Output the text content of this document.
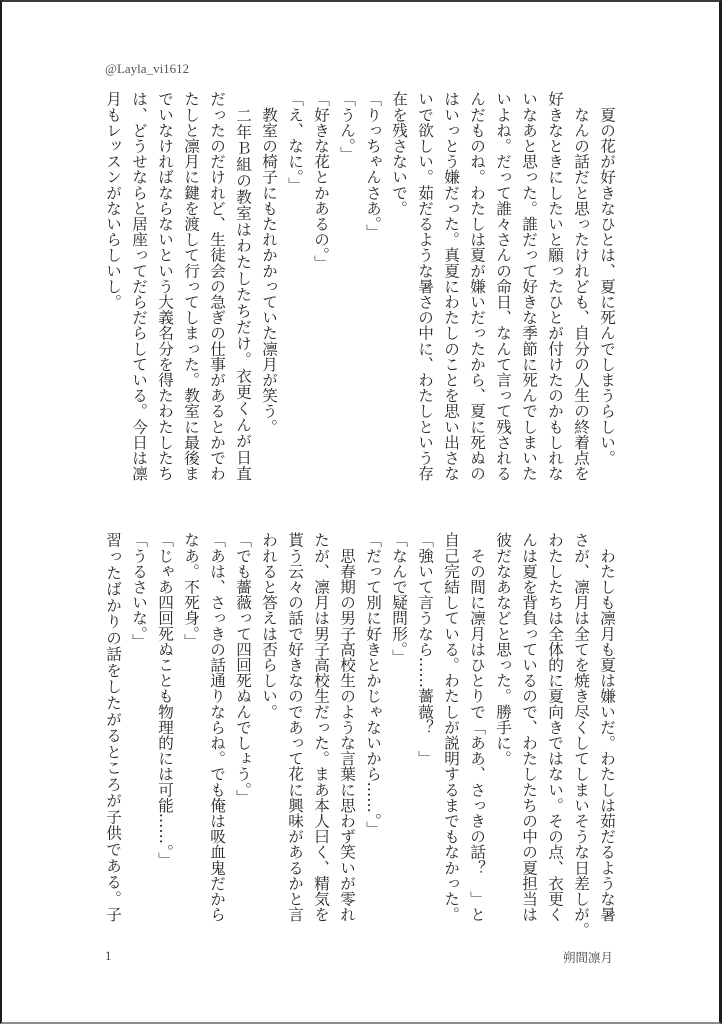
@Layla_vi1612
　夏の花が好きなひとは、夏に死んでしまうらしい。
　なんの話だと思ったけれども、自分の人生の終着点を
好きなときにしたいと願ったひとが付けたのかもしれな
いなあと思った。誰だって好きな季節に死んでしまいた
いよね。だって誰々さんの命日、なんて言って残される
んだものね。わたしは夏が嫌いだったから、夏に死ぬの
はいっとう嫌だった。真夏にわたしのことを思い出さな
いで欲しい。茹だるような暑さの中に、わたしという存
在を残さないで。
「りっちゃんさあ。」
「うん。」
「好きな花とかあるの。」
「え、なに。」
　教室の椅子にもたれかかっていた凛月が笑う。
　二年Ｂ組の教室はわたしたちだけ。衣更くんが日直
だったのだけれど、生徒会の急ぎの仕事があるとかでわ
たしと凛月に鍵を渡して行ってしまった。教室に最後ま
でいなければならないという大義名分を得たわたしたち
は、どうせならと居座ってだらだらしている。今日は凛
月もレッスンがないらしいし。
　わたしも凛月も夏は嫌いだ。わたしは茹だるような暑
さが、凛月は全てを焼き尽くしてしまいそうな日差しが。
わたしたちは全体的に夏向きではない。その点、衣更く
んは夏を背負っているので、わたしたちの中の夏担当は
彼だなあなどと思った。勝手に。
　その間に凛月はひとりで「ああ、さっきの話？　」と
自己完結している。わたしが説明するまでもなかった。
「強いて言うなら……薔薇？　」
「なんで疑問形。」
「だって別に好きとかじゃないから……。」
　思春期の男子高校生のような言葉に思わず笑いが零れ
たが、凛月は男子高校生だった。まあ本人曰く、精気を
貰う云々の話で好きなのであって花に興味があるかと言
われると答えは否らしい。
「でも薔薇って四回死ぬんでしょう。」
「あは、さっきの話通りならね。でも俺は吸血鬼だから
なあ。不死身。」
「じゃあ四回死ぬことも物理的には可能……。」
「うるさいな。」
習ったばかりの話をしたがるところが子供である。子
1	朔間凛月
